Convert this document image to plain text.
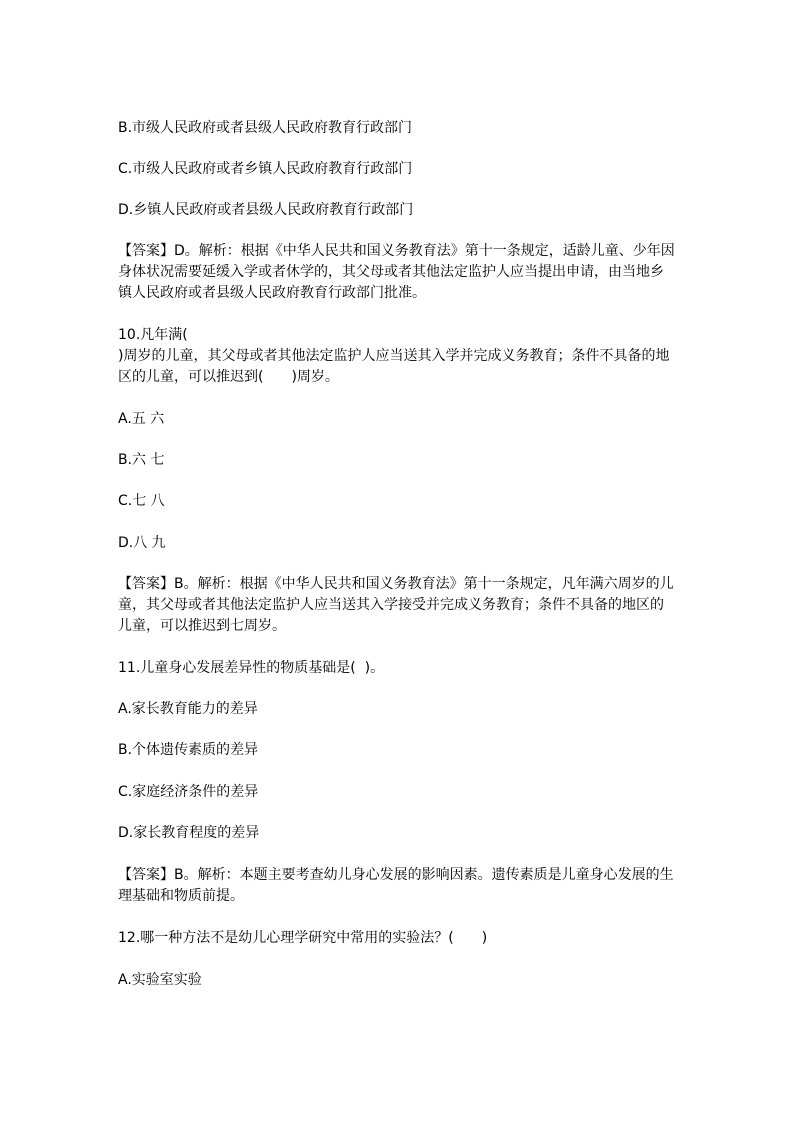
B.市级人民政府或者县级人民政府教育行政部门
C.市级人民政府或者乡镇人民政府教育行政部门
D.乡镇人民政府或者县级人民政府教育行政部门
【答案】D。解析：根据《中华人民共和国义务教育法》第十一条规定，适龄儿童、少年因
身体状况需要延缓入学或者休学的，其父母或者其他法定监护人应当提出申请，由当地乡
镇人民政府或者县级人民政府教育行政部门批准。
10.凡年满(
)周岁的儿童，其父母或者其他法定监护人应当送其入学并完成义务教育；条件不具备的地
区的儿童，可以推迟到(　　)周岁。
A.五 六
B.六 七
C.七 八
D.八 九
【答案】B。解析：根据《中华人民共和国义务教育法》第十一条规定，凡年满六周岁的儿
童，其父母或者其他法定监护人应当送其入学接受并完成义务教育；条件不具备的地区的
儿童，可以推迟到七周岁。
11.儿童身心发展差异性的物质基础是(  )。
A.家长教育能力的差异
B.个体遗传素质的差异
C.家庭经济条件的差异
D.家长教育程度的差异
【答案】B。解析：本题主要考查幼儿身心发展的影响因素。遗传素质是儿童身心发展的生
理基础和物质前提。
12.哪一种方法不是幼儿心理学研究中常用的实验法？(　　)
A.实验室实验
